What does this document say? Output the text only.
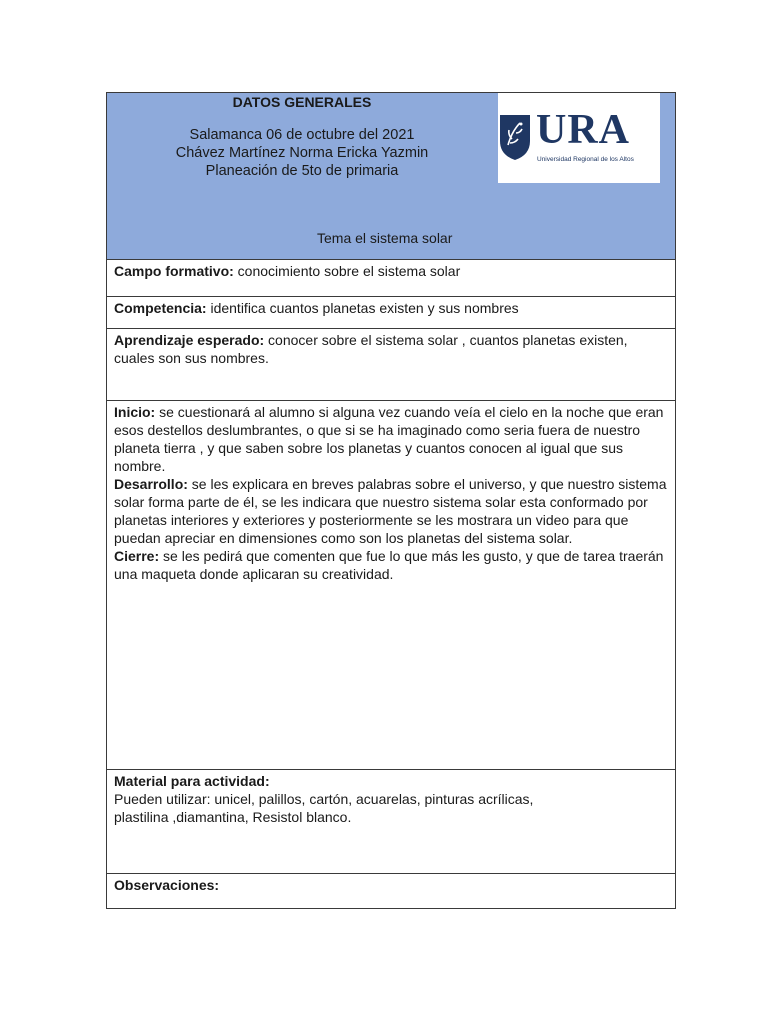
DATOS GENERALES
Salamanca 06 de octubre del 2021
Chávez Martínez Norma Ericka Yazmin
Planeación de 5to de primaria
Tema el sistema solar
URA
Universidad Regional de los Altos
Campo formativo: conocimiento sobre el sistema solar
Competencia: identifica cuantos planetas existen y sus nombres
Aprendizaje esperado: conocer sobre el sistema solar , cuantos planetas existen, cuales son sus nombres.
Inicio: se cuestionará al alumno si alguna vez cuando veía el cielo en la noche que eran esos destellos deslumbrantes, o que si se ha imaginado como seria fuera de nuestro planeta tierra , y que saben sobre los planetas y cuantos conocen al igual que sus nombre.
Desarrollo: se les explicara en breves palabras sobre el universo, y que nuestro sistema solar forma parte de él, se les indicara que nuestro sistema solar esta conformado por planetas interiores y exteriores y posteriormente se les mostrara un video para que puedan apreciar en dimensiones como son los planetas del sistema solar.
Cierre: se les pedirá que comenten que fue lo que más les gusto, y que de tarea traerán una maqueta donde aplicaran su creatividad.
Material para actividad:
Pueden utilizar: unicel, palillos, cartón, acuarelas, pinturas acrílicas,
plastilina ,diamantina, Resistol blanco.
Observaciones:
